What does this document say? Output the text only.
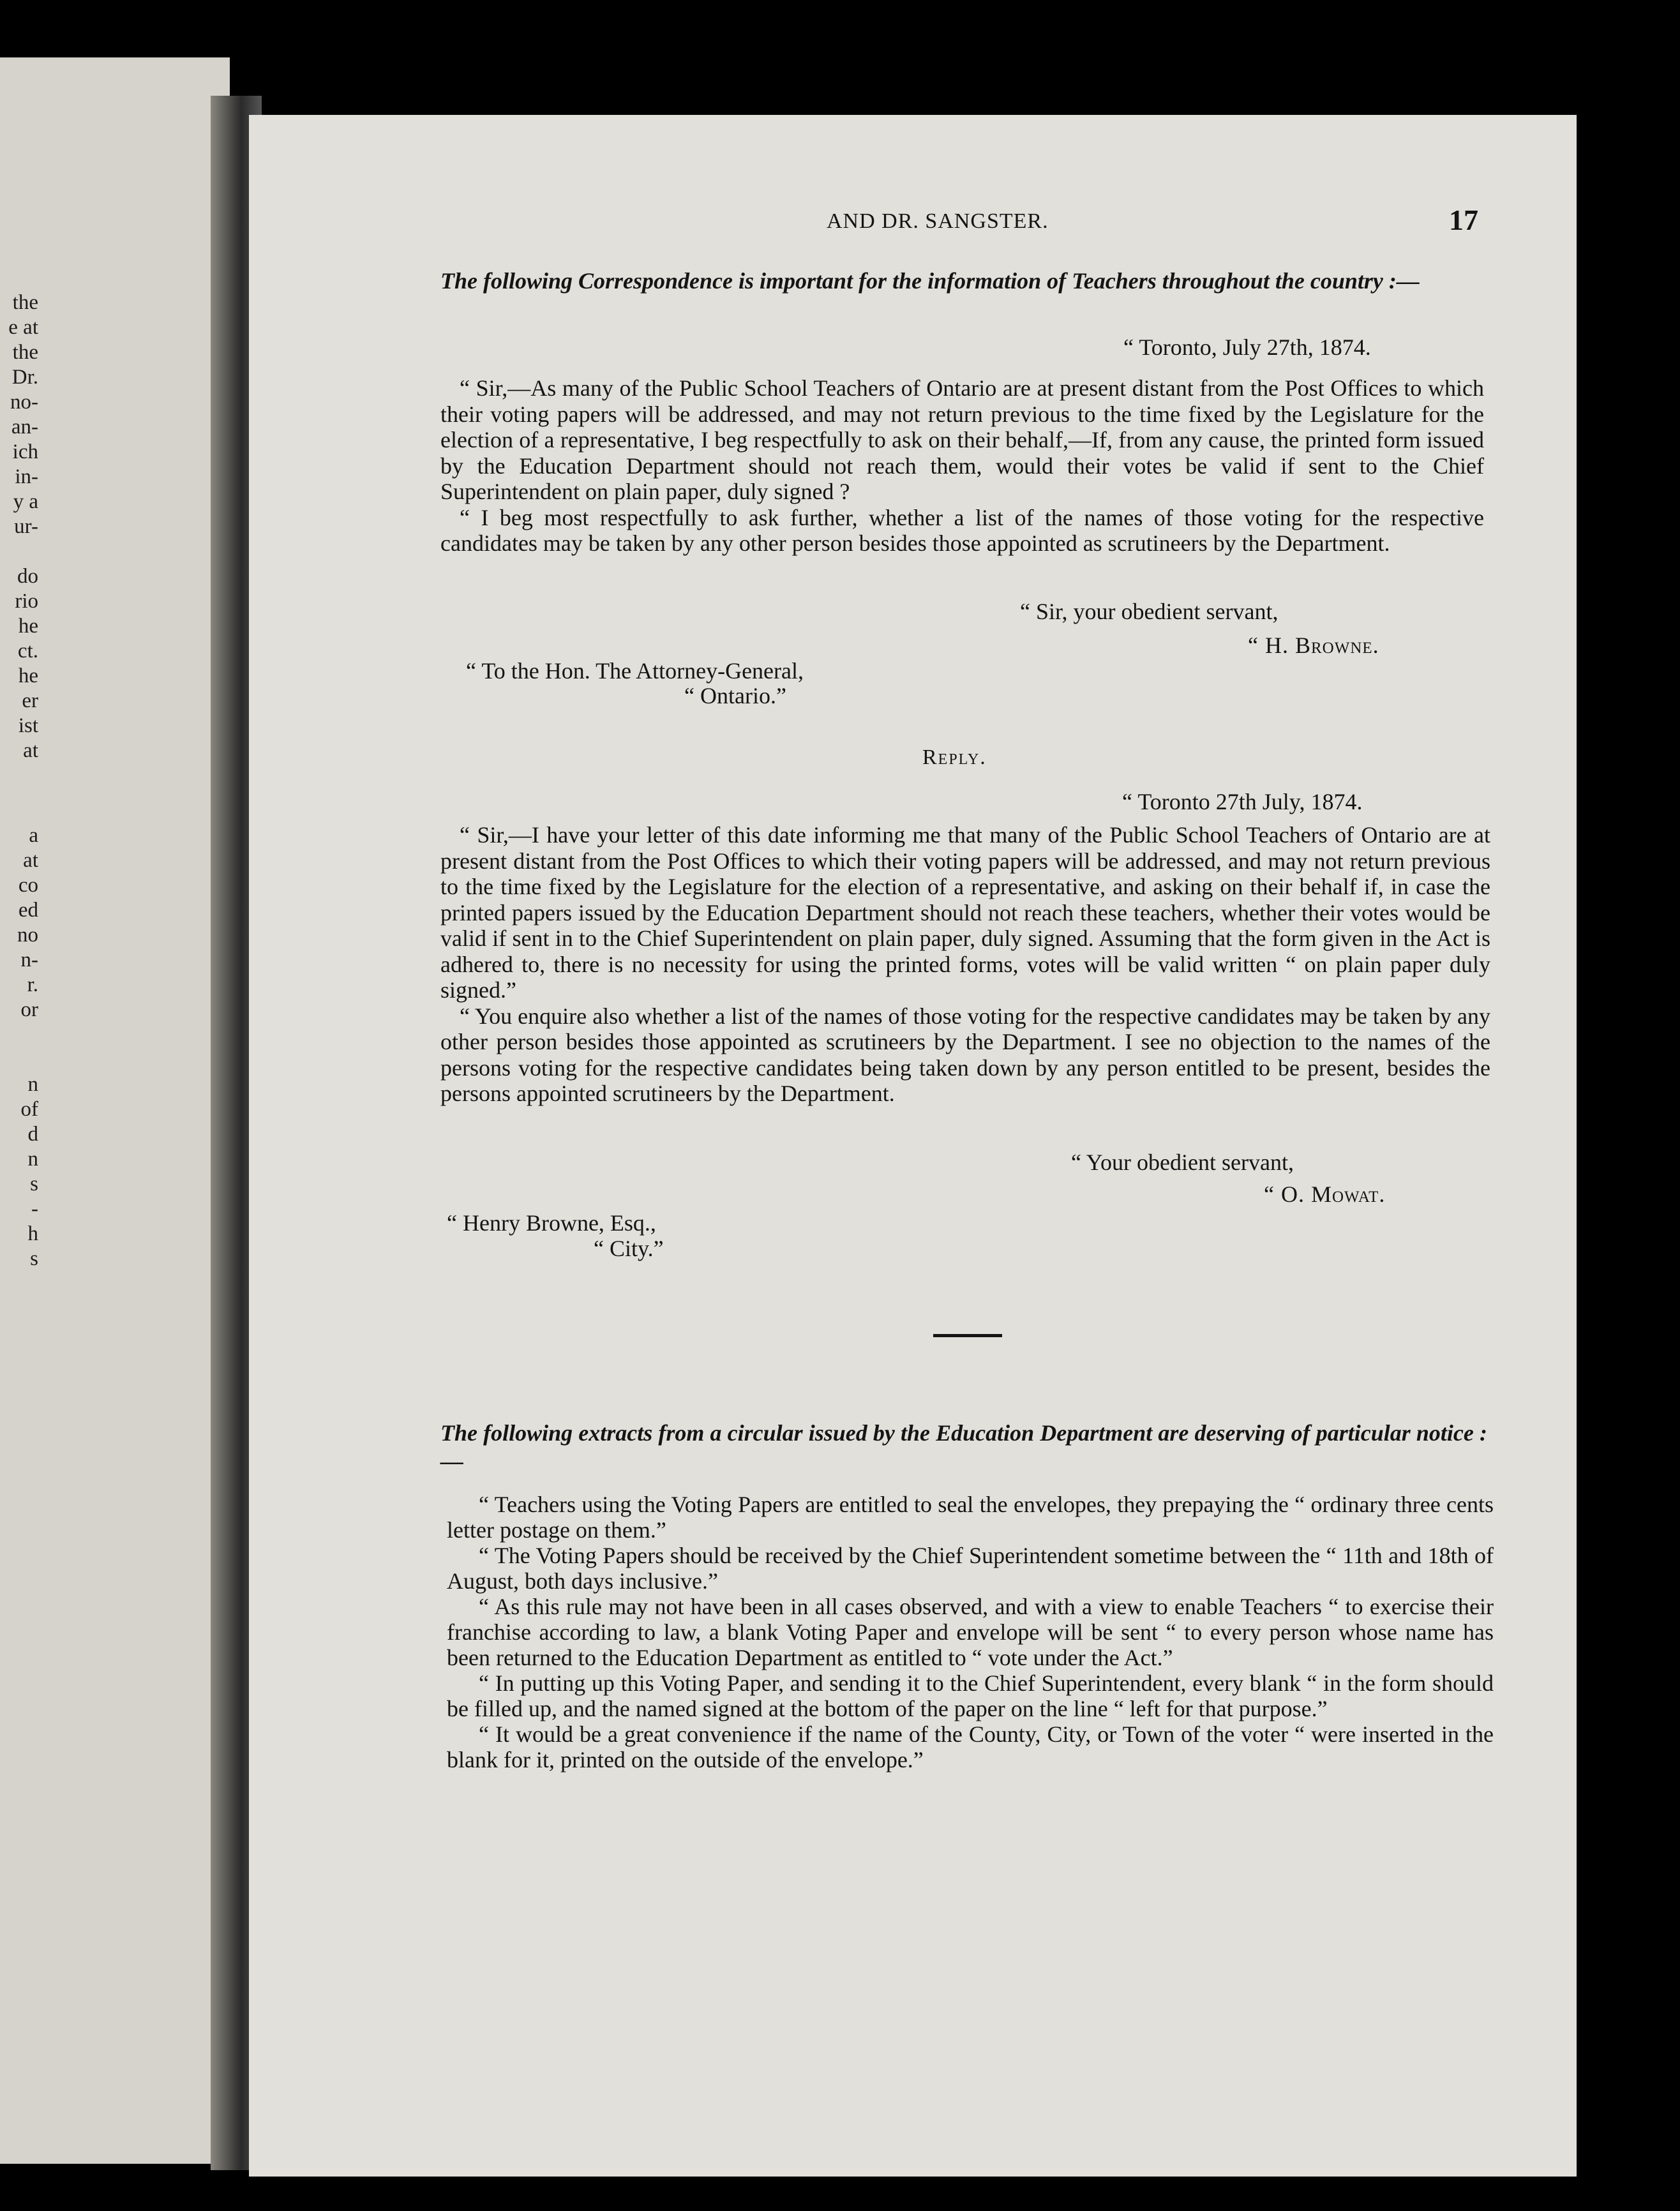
the
e at
the
Dr.
no-
an-
ich
in-
y a
ur-
do
rio
he
ct.
he
er
ist
at
a
at
co
ed
no
n-
r.
or
n
of
d
n
s
-
h
s
AND DR. SANGSTER.	17
The following Correspondence is important for the information of Teachers throughout the country :—
“ Toronto, July 27th, 1874.

“ Sir,—As many of the Public School Teachers of Ontario are at present distant from the Post Offices to which their voting papers will be addressed, and may not return previous to the time fixed by the Legislature for the election of a representative, I beg respectfully to ask on their behalf,—If, from any cause, the printed form issued by the Education Department should not reach them, would their votes be valid if sent to the Chief Superintendent on plain paper, duly signed ?

“ I beg most respectfully to ask further, whether a list of the names of those voting for the respective candidates may be taken by any other person besides those appointed as scrutineers by the Department.

“ Sir, your obedient servant,
“ H. Browne.
“ To the Hon. The Attorney-General,
“ Ontario.”
Reply.
“ Toronto 27th July, 1874.

“ Sir,—I have your letter of this date informing me that many of the Public School Teachers of Ontario are at present distant from the Post Offices to which their voting papers will be addressed, and may not return previous to the time fixed by the Legislature for the election of a representative, and asking on their behalf if, in case the printed papers issued by the Education Department should not reach these teachers, whether their votes would be valid if sent in to the Chief Superintendent on plain paper, duly signed. Assuming that the form given in the Act is adhered to, there is no necessity for using the printed forms, votes will be valid written “ on plain paper duly signed.”

“ You enquire also whether a list of the names of those voting for the respective candidates may be taken by any other person besides those appointed as scrutineers by the Department. I see no objection to the names of the persons voting for the respective candidates being taken down by any person entitled to be present, besides the persons appointed scrutineers by the Department.

“ Your obedient servant,
“ O. Mowat.
“ Henry Browne, Esq.,
“ City.”
The following extracts from a circular issued by the Education Department are deserving of particular notice :—

“ Teachers using the Voting Papers are entitled to seal the envelopes, they prepaying the “ ordinary three cents letter postage on them.”

“ The Voting Papers should be received by the Chief Superintendent sometime between the “ 11th and 18th of August, both days inclusive.”

“ As this rule may not have been in all cases observed, and with a view to enable Teachers “ to exercise their franchise according to law, a blank Voting Paper and envelope will be sent “ to every person whose name has been returned to the Education Department as entitled to “ vote under the Act.”

“ In putting up this Voting Paper, and sending it to the Chief Superintendent, every blank “ in the form should be filled up, and the named signed at the bottom of the paper on the line “ left for that purpose.”

“ It would be a great convenience if the name of the County, City, or Town of the voter “ were inserted in the blank for it, printed on the outside of the envelope.”
